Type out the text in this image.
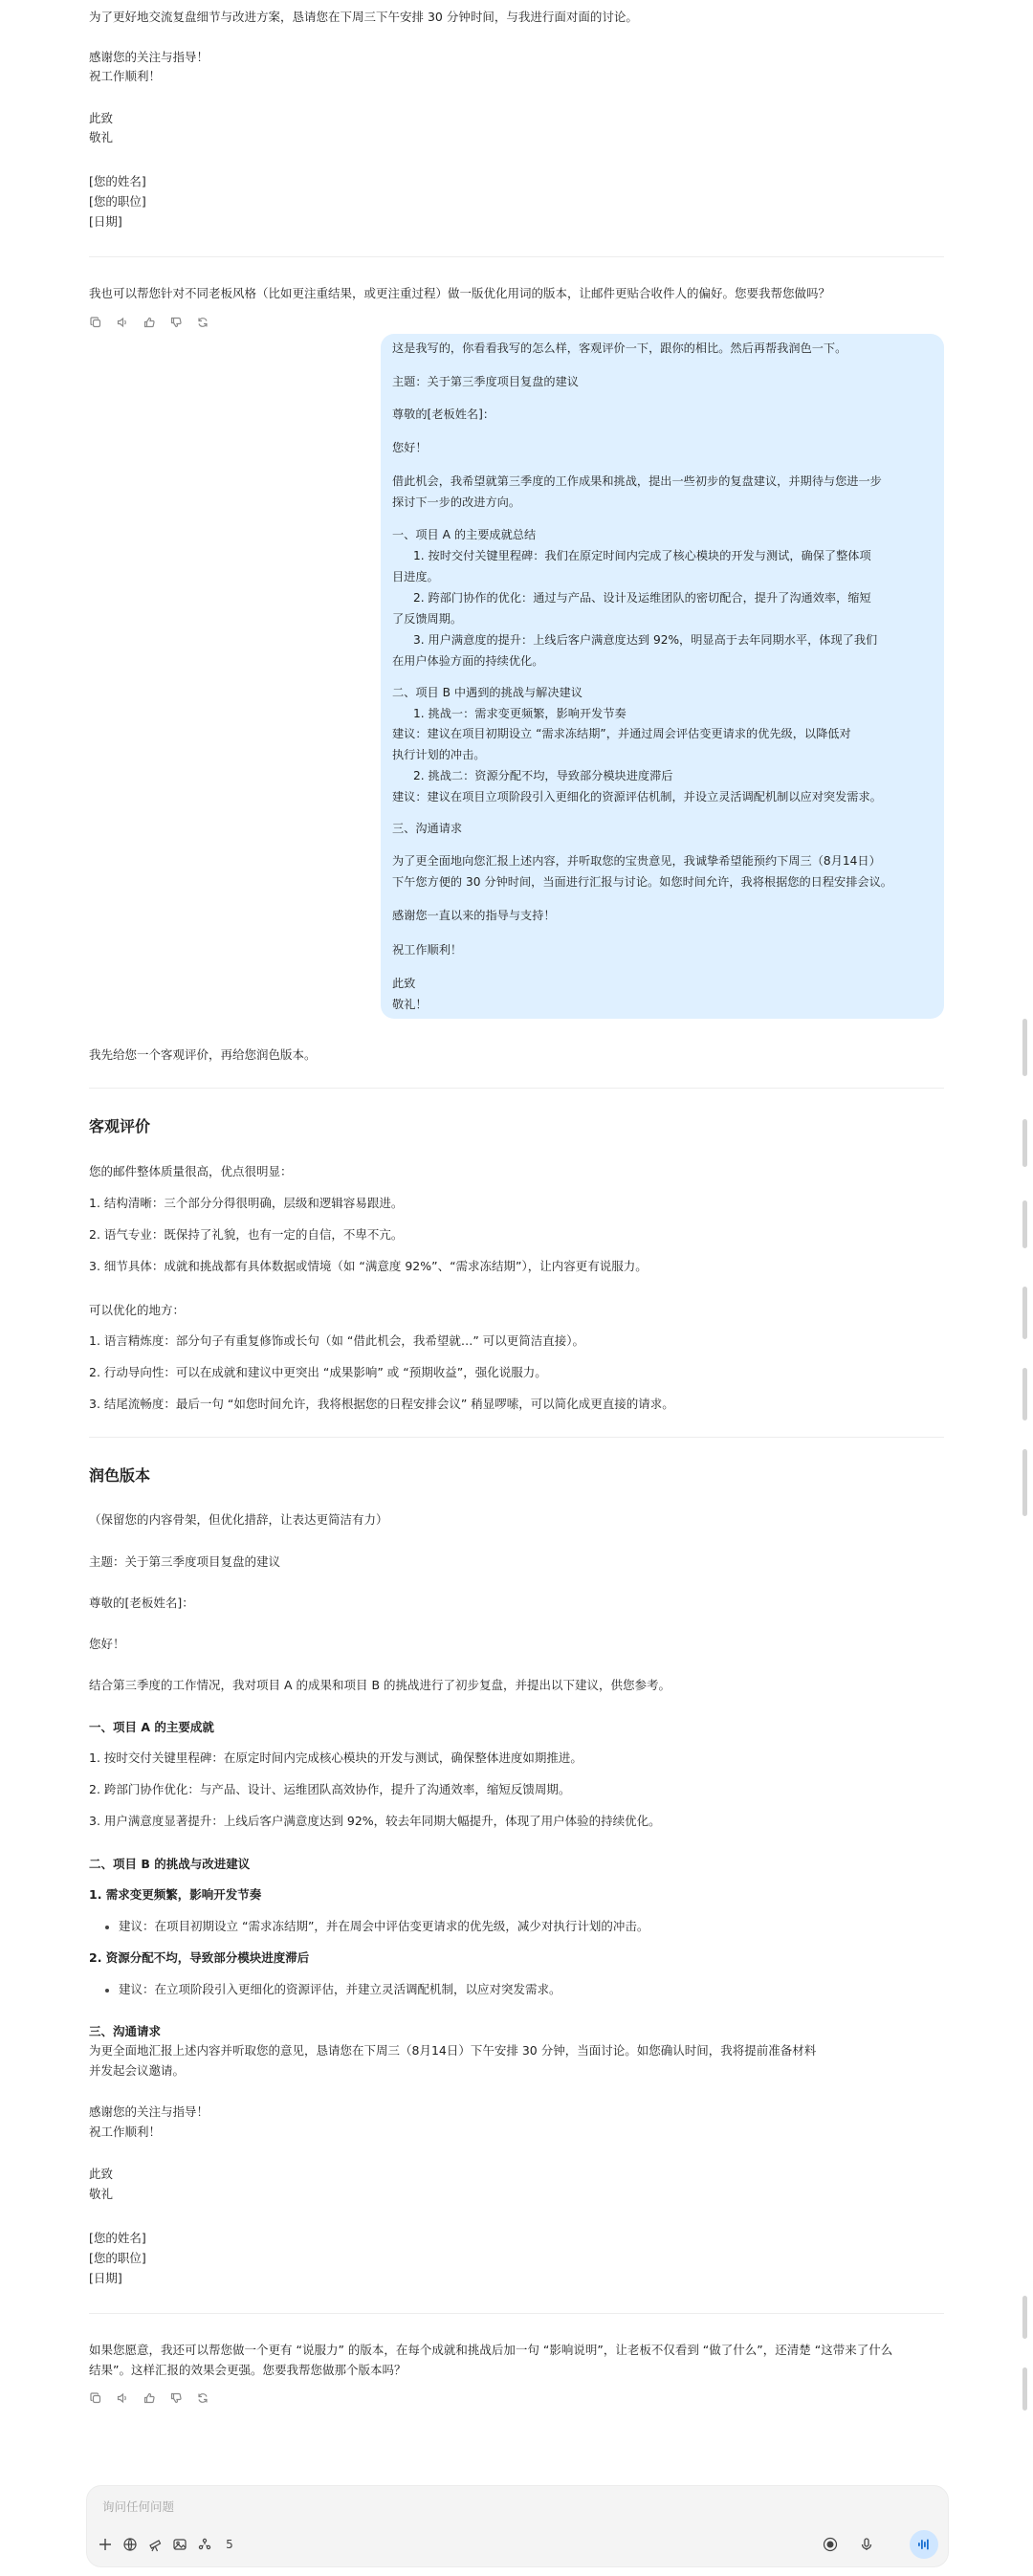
为了更好地交流复盘细节与改进方案，恳请您在下周三下午安排 30 分钟时间，与我进行面对面的讨论。
感谢您的关注与指导！
祝工作顺利！
此致
敬礼
[您的姓名]
[您的职位]
[日期]
我也可以帮您针对不同老板风格（比如更注重结果，或更注重过程）做一版优化用词的版本，让邮件更贴合收件人的偏好。您要我帮您做吗？
这是我写的，你看看我写的怎么样，客观评价一下，跟你的相比。然后再帮我润色一下。
主题：关于第三季度项目复盘的建议
尊敬的[老板姓名]：
您好！
借此机会，我希望就第三季度的工作成果和挑战，提出一些初步的复盘建议，并期待与您进一步
探讨下一步的改进方向。
一、项目 A 的主要成就总结
1. 按时交付关键里程碑：我们在原定时间内完成了核心模块的开发与测试，确保了整体项
目进度。
2. 跨部门协作的优化：通过与产品、设计及运维团队的密切配合，提升了沟通效率，缩短
了反馈周期。
3. 用户满意度的提升：上线后客户满意度达到 92%，明显高于去年同期水平，体现了我们
在用户体验方面的持续优化。
二、项目 B 中遇到的挑战与解决建议
1. 挑战一：需求变更频繁，影响开发节奏
建议：建议在项目初期设立 “需求冻结期”，并通过周会评估变更请求的优先级，以降低对
执行计划的冲击。
2. 挑战二：资源分配不均，导致部分模块进度滞后
建议：建议在项目立项阶段引入更细化的资源评估机制，并设立灵活调配机制以应对突发需求。
三、沟通请求
为了更全面地向您汇报上述内容，并听取您的宝贵意见，我诚挚希望能预约下周三（8月14日）
下午您方便的 30 分钟时间，当面进行汇报与讨论。如您时间允许，我将根据您的日程安排会议。
感谢您一直以来的指导与支持！
祝工作顺利！
此致
敬礼！
我先给您一个客观评价，再给您润色版本。
客观评价
您的邮件整体质量很高，优点很明显：
1. 结构清晰：三个部分分得很明确，层级和逻辑容易跟进。
2. 语气专业：既保持了礼貌，也有一定的自信，不卑不亢。
3. 细节具体：成就和挑战都有具体数据或情境（如 “满意度 92%”、“需求冻结期”），让内容更有说服力。
可以优化的地方：
1. 语言精炼度：部分句子有重复修饰或长句（如 “借此机会，我希望就…” 可以更简洁直接）。
2. 行动导向性：可以在成就和建议中更突出 “成果影响” 或 “预期收益”，强化说服力。
3. 结尾流畅度：最后一句 “如您时间允许，我将根据您的日程安排会议” 稍显啰嗦，可以简化成更直接的请求。
润色版本
（保留您的内容骨架，但优化措辞，让表达更简洁有力）
主题：关于第三季度项目复盘的建议
尊敬的[老板姓名]：
您好！
结合第三季度的工作情况，我对项目 A 的成果和项目 B 的挑战进行了初步复盘，并提出以下建议，供您参考。
一、项目 A 的主要成就
1. 按时交付关键里程碑：在原定时间内完成核心模块的开发与测试，确保整体进度如期推进。
2. 跨部门协作优化：与产品、设计、运维团队高效协作，提升了沟通效率，缩短反馈周期。
3. 用户满意度显著提升：上线后客户满意度达到 92%，较去年同期大幅提升，体现了用户体验的持续优化。
二、项目 B 的挑战与改进建议
1. 需求变更频繁，影响开发节奏
建议：在项目初期设立 “需求冻结期”，并在周会中评估变更请求的优先级，减少对执行计划的冲击。
2. 资源分配不均，导致部分模块进度滞后
建议：在立项阶段引入更细化的资源评估，并建立灵活调配机制，以应对突发需求。
三、沟通请求
为更全面地汇报上述内容并听取您的意见，恳请您在下周三（8月14日）下午安排 30 分钟，当面讨论。如您确认时间，我将提前准备材料
并发起会议邀请。
感谢您的关注与指导！
祝工作顺利！
此致
敬礼
[您的姓名]
[您的职位]
[日期]
如果您愿意，我还可以帮您做一个更有 “说服力” 的版本，在每个成就和挑战后加一句 “影响说明”，让老板不仅看到 “做了什么”，还清楚 “这带来了什么
结果”。这样汇报的效果会更强。您要我帮您做那个版本吗？
询问任何问题
5
